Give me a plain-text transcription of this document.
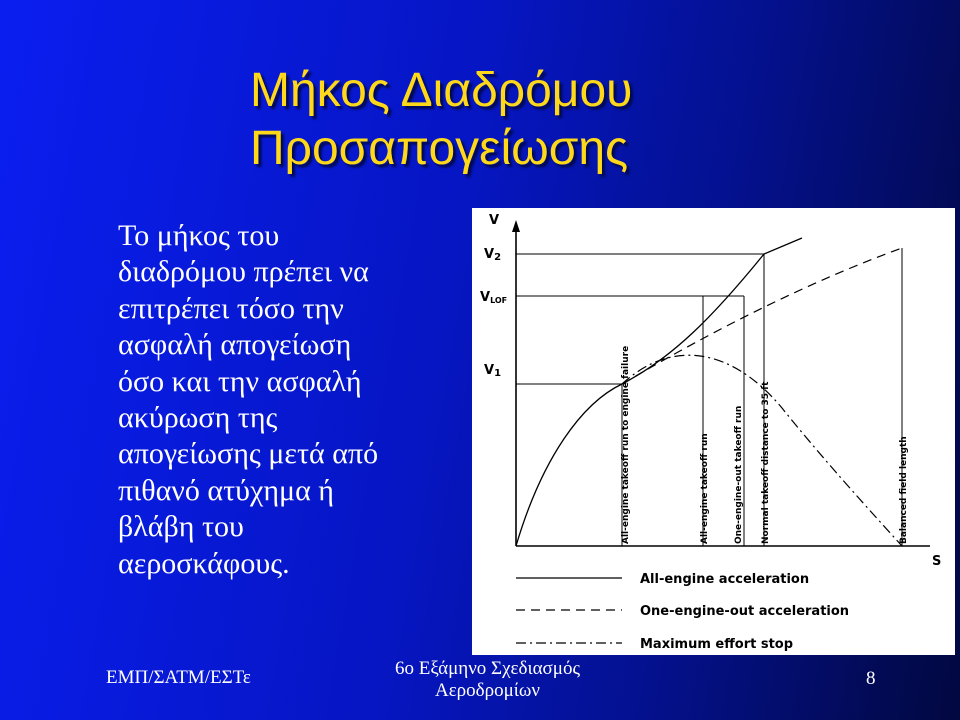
Μήκος Διαδρόμου
Προσαπογείωσης
Το μήκος του
διαδρόμου πρέπει να
επιτρέπει τόσο την
ασφαλή απογείωση
όσο και την ασφαλή
ακύρωση της
απογείωσης μετά από
πιθανό ατύχημα ή
βλάβη του
αεροσκάφους.
V
S
V2
VLOF
V1	All-engine takeoff run to engine failure	All-engine takeoff run	One-engine-out takeoff run Normal takeoff distance to 35 ft	Balanced field length
All-engine acceleration
One-engine-out acceleration
Maximum effort stop
ΕΜΠ/ΣΑΤΜ/ΕΣΤε	6ο Εξάμηνο Σχεδιασμός
Αεροδρομίων
8
